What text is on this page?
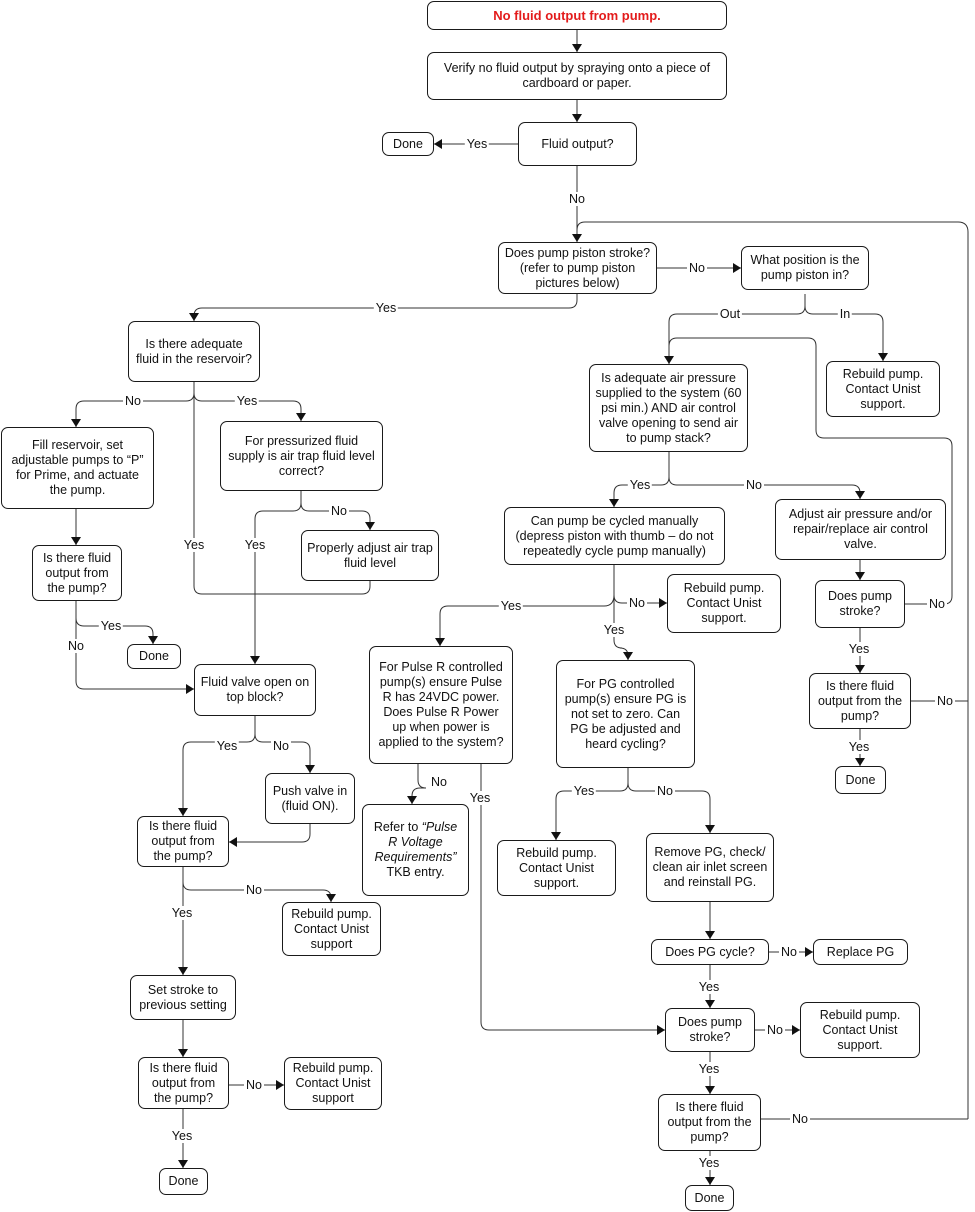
No fluid output from pump.
Verify no fluid output by spraying onto a piece of cardboard or paper.
Fluid output?
Done
Does pump piston stroke? (refer to pump piston pictures below)
What position is the pump piston in?
Is there adequate fluid in the reservoir?
Rebuild pump. Contact Unist support.
Is adequate air pressure supplied to the system (60 psi min.) AND air control valve opening to send air to pump stack?
Fill reservoir, set adjustable pumps to “P” for Prime, and actuate the pump.
For pressurized fluid supply is air trap fluid level correct?
Can pump be cycled manually (depress piston with thumb – do not repeatedly cycle pump manually)
Adjust air pressure and/or repair/replace air control valve.
Properly adjust air trap fluid level
Is there fluid output from the pump?	Rebuild pump. Contact Unist support.
Does pump stroke?
Done
Fluid valve open on top block?
For Pulse R controlled pump(s) ensure Pulse R has 24VDC power. Does Pulse R Power up when power is applied to the system?
For PG controlled pump(s) ensure PG is not set to zero. Can PG be adjusted and heard cycling?
Is there fluid output from the pump?
Done
Push valve in (fluid ON).
Is there fluid output from the pump?
Refer to “Pulse R Voltage Requirements” TKB entry.
Rebuild pump. Contact Unist support.
Remove PG, check/ clean air inlet screen and reinstall PG.
Rebuild pump. Contact Unist support
Set stroke to previous setting
Does PG cycle?	Replace PG
Does pump stroke?
Rebuild pump. Contact Unist support.
Is there fluid output from the pump?
Rebuild pump. Contact Unist support
Is there fluid output from the pump?
Done
Done
Yes
No
No
Yes	Out	In
No	Yes
Yes	No
No
Yes	Yes
Yes	No	No
Yes
Yes
No	Yes
No
Yes	No	Yes
No
Yes	No
Yes
No
Yes
No
Yes
No
Yes
No
No
Yes
Yes
